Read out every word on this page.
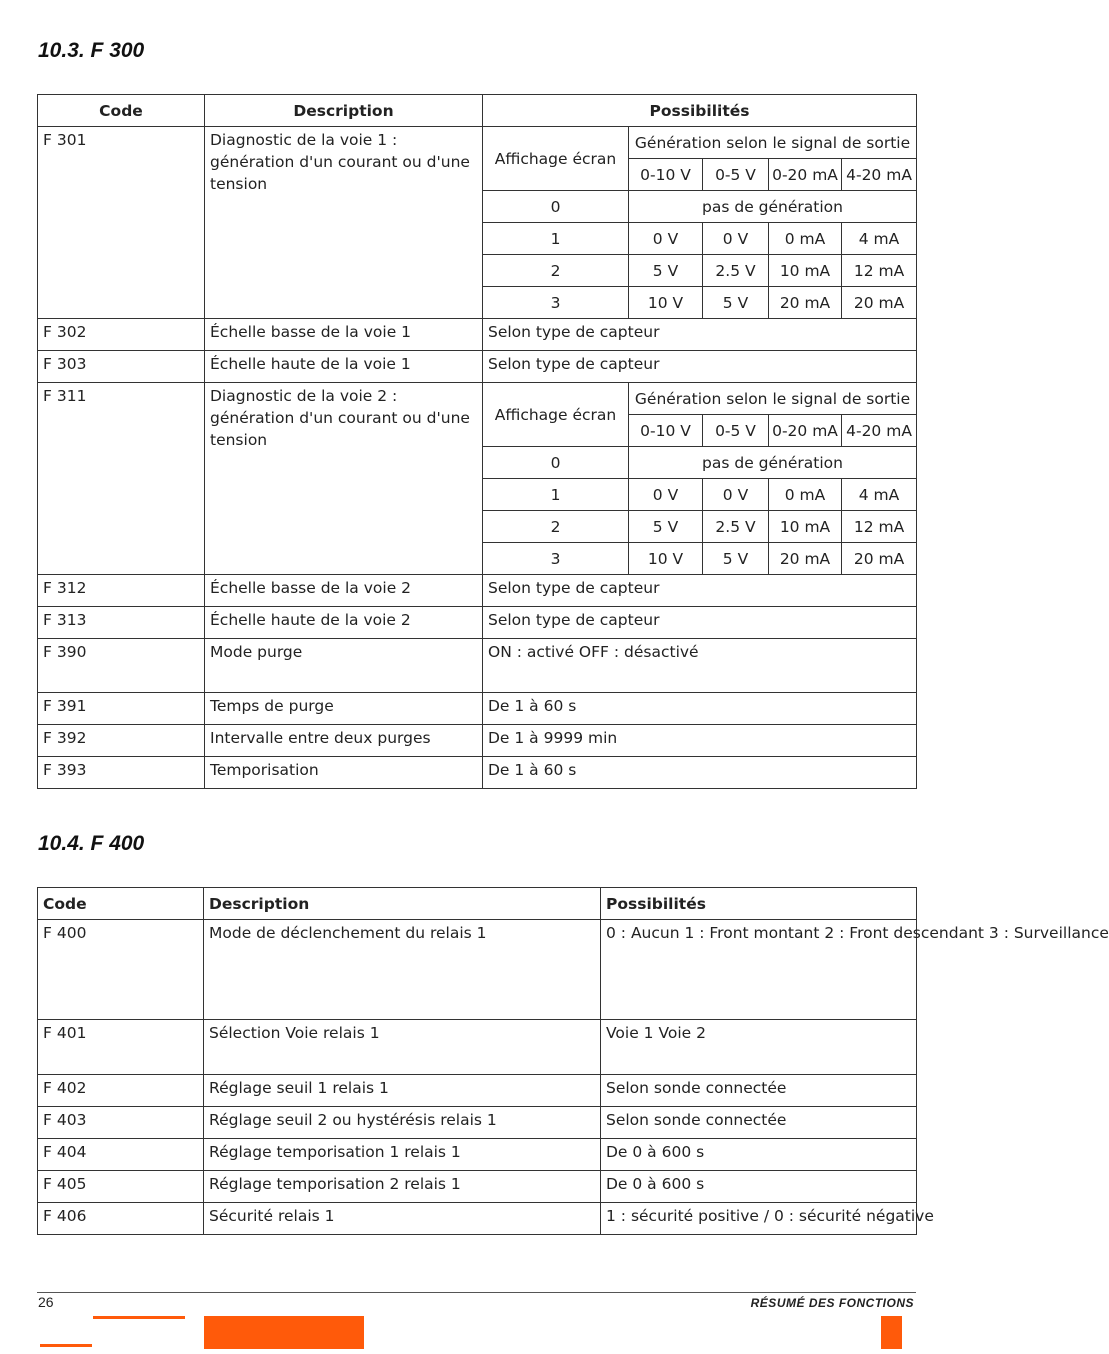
10.3. F 300
Code	Description	Possibilités				
F 301	Diagnostic de la voie 1 : génération d'un courant ou d'une tension	Affichage écran	Génération selon le signal de sortie			
			0-10 V	0-5 V	0-20 mA	4-20 mA
		0	pas de génération			
		1	0 V	0 V	0 mA	4 mA
		2	5 V	2.5 V	10 mA	12 mA
		3	10 V	5 V	20 mA	20 mA
F 302	Échelle basse de la voie 1	Selon type de capteur				
F 303	Échelle haute de la voie 1	Selon type de capteur				
F 311	Diagnostic de la voie 2 : génération d'un courant ou d'une tension	Affichage écran	Génération selon le signal de sortie			
			0-10 V	0-5 V	0-20 mA	4-20 mA
		0	pas de génération			
		1	0 V	0 V	0 mA	4 mA
		2	5 V	2.5 V	10 mA	12 mA
		3	10 V	5 V	20 mA	20 mA
F 312	Échelle basse de la voie 2	Selon type de capteur				
F 313	Échelle haute de la voie 2	Selon type de capteur				
F 390	Mode purge	ON : activé OFF : désactivé				
F 391	Temps de purge	De 1 à 60 s				
F 392	Intervalle entre deux purges	De 1 à 9999 min				
F 393	Temporisation	De 1 à 60 s				
10.4. F 400
Code	Description	Possibilités
F 400	Mode de déclenchement du relais 1	0 : Aucun 1 : Front montant 2 : Front descendant 3 : Surveillance
F 401	Sélection Voie relais 1	Voie 1 Voie 2
F 402	Réglage seuil 1 relais 1	Selon sonde connectée
F 403	Réglage seuil 2 ou hystérésis relais 1	Selon sonde connectée
F 404	Réglage temporisation 1 relais 1	De 0 à 600 s
F 405	Réglage temporisation 2 relais 1	De 0 à 600 s
F 406	Sécurité relais 1	1 : sécurité positive / 0 : sécurité négative
26	RÉSUMÉ DES FONCTIONS
